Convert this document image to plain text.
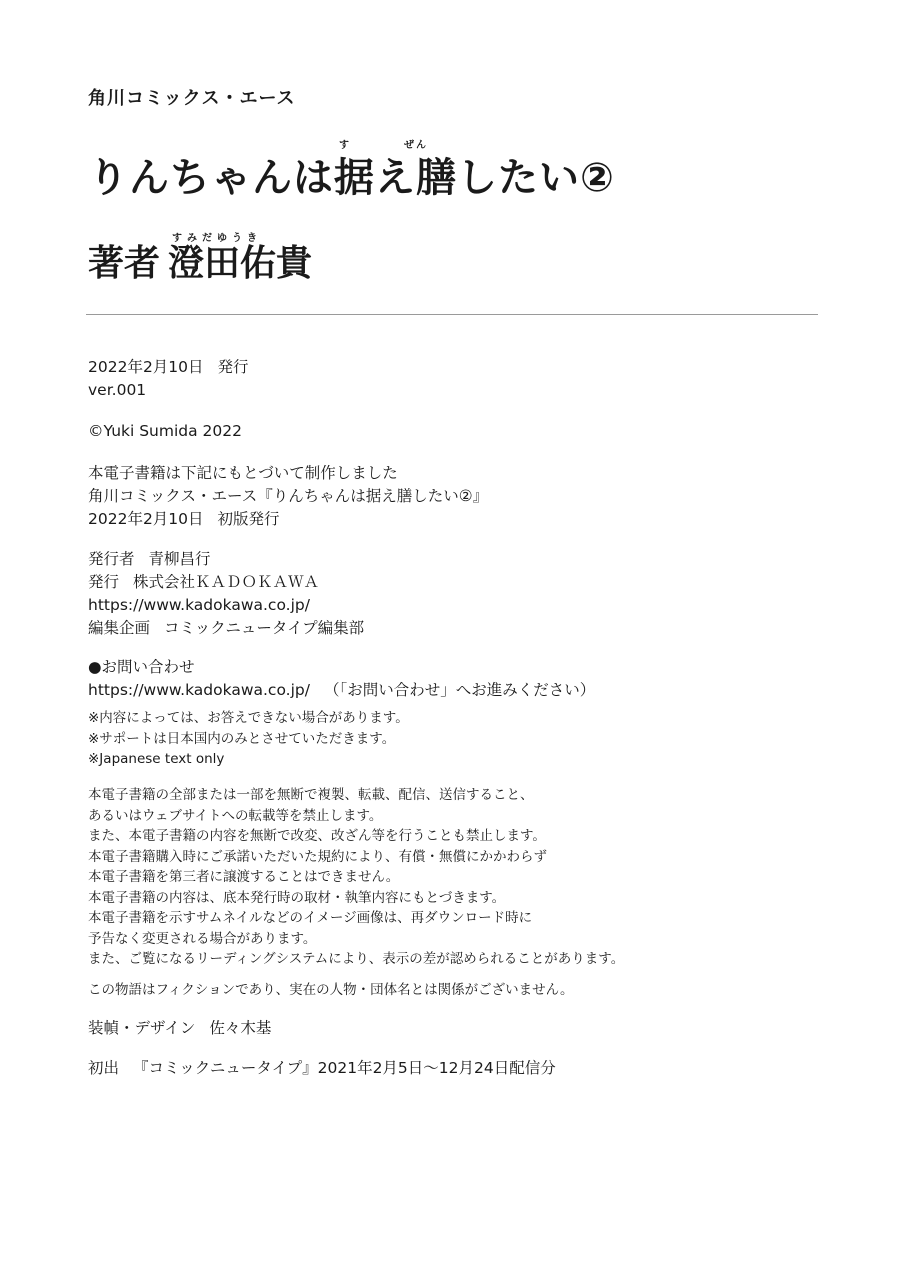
角川コミックス・エース
す	ぜん
りんちゃんは据え膳したい②
すみだゆうき
著者 澄田佑貴
2022年2月10日 発行
ver.001
©Yuki Sumida 2022
本電子書籍は下記にもとづいて制作しました
角川コミックス・エース『りんちゃんは据え膳したい②』
2022年2月10日 初版発行
発行者 青柳昌行
発行 株式会社ＫＡＤＯＫＡＷＡ
https://www.kadokawa.co.jp/
編集企画 コミックニュータイプ編集部
●お問い合わせ
https://www.kadokawa.co.jp/ （「お問い合わせ」へお進みください）
※内容によっては、お答えできない場合があります。
※サポートは日本国内のみとさせていただきます。
※Japanese text only
本電子書籍の全部または一部を無断で複製、転載、配信、送信すること、
あるいはウェブサイトへの転載等を禁止します。
また、本電子書籍の内容を無断で改変、改ざん等を行うことも禁止します。
本電子書籍購入時にご承諾いただいた規約により、有償・無償にかかわらず
本電子書籍を第三者に譲渡することはできません。
本電子書籍の内容は、底本発行時の取材・執筆内容にもとづきます。
本電子書籍を示すサムネイルなどのイメージ画像は、再ダウンロード時に
予告なく変更される場合があります。
また、ご覧になるリーディングシステムにより、表示の差が認められることがあります。
この物語はフィクションであり、実在の人物・団体名とは関係がございません。
装幀・デザイン 佐々木基
初出 『コミックニュータイプ』2021年2月5日～12月24日配信分
